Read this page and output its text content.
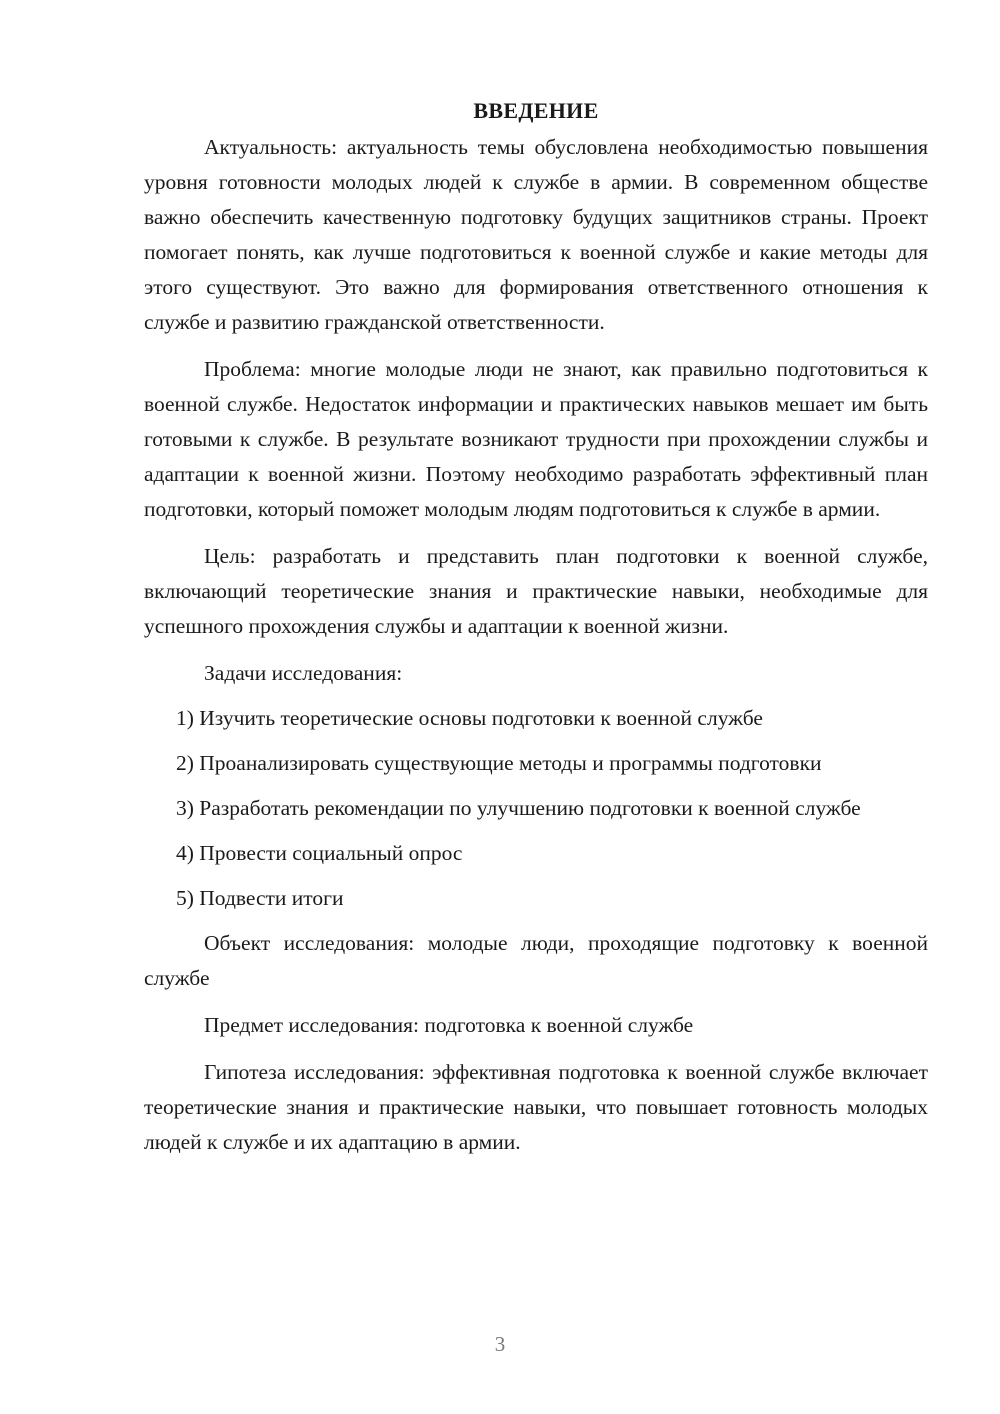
ВВЕДЕНИЕ

Актуальность: актуальность темы обусловлена необходимостью повышения уровня готовности молодых людей к службе в армии. В современном обществе важно обеспечить качественную подготовку будущих защитников страны. Проект помогает понять, как лучше подготовиться к военной службе и какие методы для этого существуют. Это важно для формирования ответственного отношения к службе и развитию гражданской ответственности.

Проблема: многие молодые люди не знают, как правильно подготовиться к военной службе. Недостаток информации и практических навыков мешает им быть готовыми к службе. В результате возникают трудности при прохождении службы и адаптации к военной жизни. Поэтому необходимо разработать эффективный план подготовки, который поможет молодым людям подготовиться к службе в армии.

Цель: разработать и представить план подготовки к военной службе, включающий теоретические знания и практические навыки, необходимые для успешного прохождения службы и адаптации к военной жизни.

Задачи исследования:

1) Изучить теоретические основы подготовки к военной службе

2) Проанализировать существующие методы и программы подготовки

3) Разработать рекомендации по улучшению подготовки к военной службе

4) Провести социальный опрос

5) Подвести итоги

Объект исследования: молодые люди, проходящие подготовку к военной службе

Предмет исследования: подготовка к военной службе

Гипотеза исследования: эффективная подготовка к военной службе включает теоретические знания и практические навыки, что повышает готовность молодых людей к службе и их адаптацию в армии.

3
